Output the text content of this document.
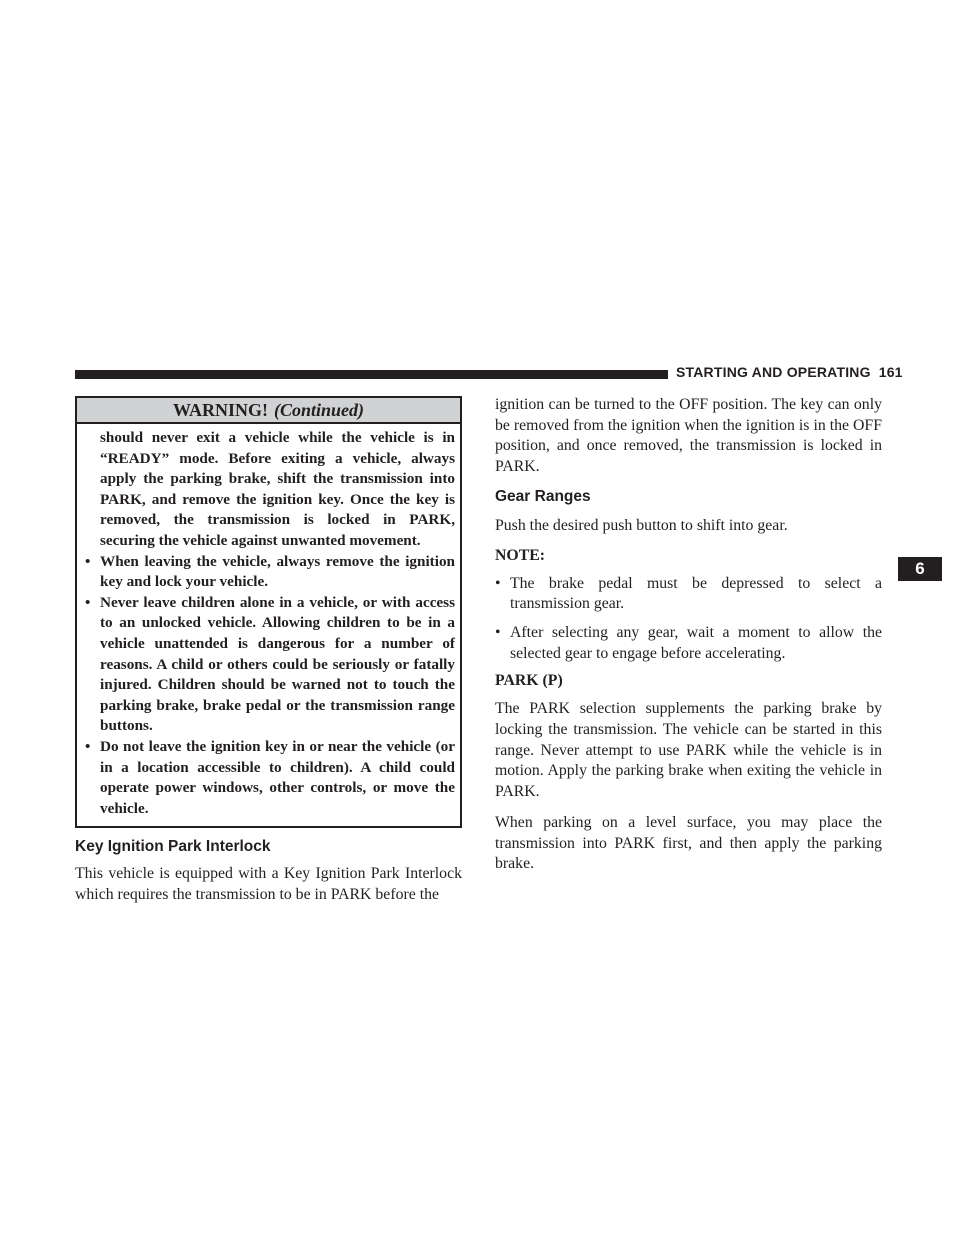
STARTING AND OPERATING 161
WARNING! (Continued)

should never exit a vehicle while the vehicle is in “READY” mode. Before exiting a vehicle, always apply the parking brake, shift the transmission into PARK, and remove the ignition key. Once the key is removed, the transmission is locked in PARK, securing the vehicle against unwanted movement.

• When leaving the vehicle, always remove the ignition key and lock your vehicle.
• Never leave children alone in a vehicle, or with access to an unlocked vehicle. Allowing children to be in a vehicle unattended is dangerous for a number of reasons. A child or others could be seriously or fatally injured. Children should be warned not to touch the parking brake, brake pedal or the transmission range buttons.
• Do not leave the ignition key in or near the vehicle (or in a location accessible to children). A child could operate power windows, other controls, or move the vehicle.
Key Ignition Park Interlock

This vehicle is equipped with a Key Ignition Park Interlock which requires the transmission to be in PARK before the

ignition can be turned to the OFF position. The key can only be removed from the ignition when the ignition is in the OFF position, and once removed, the transmission is locked in PARK.

Gear Ranges

Push the desired push button to shift into gear.

NOTE:
• The brake pedal must be depressed to select a transmission gear.
• After selecting any gear, wait a moment to allow the selected gear to engage before accelerating.
PARK (P)

The PARK selection supplements the parking brake by locking the transmission. The vehicle can be started in this range. Never attempt to use PARK while the vehicle is in motion. Apply the parking brake when exiting the vehicle in PARK.

When parking on a level surface, you may place the transmission into PARK first, and then apply the parking brake.

6
